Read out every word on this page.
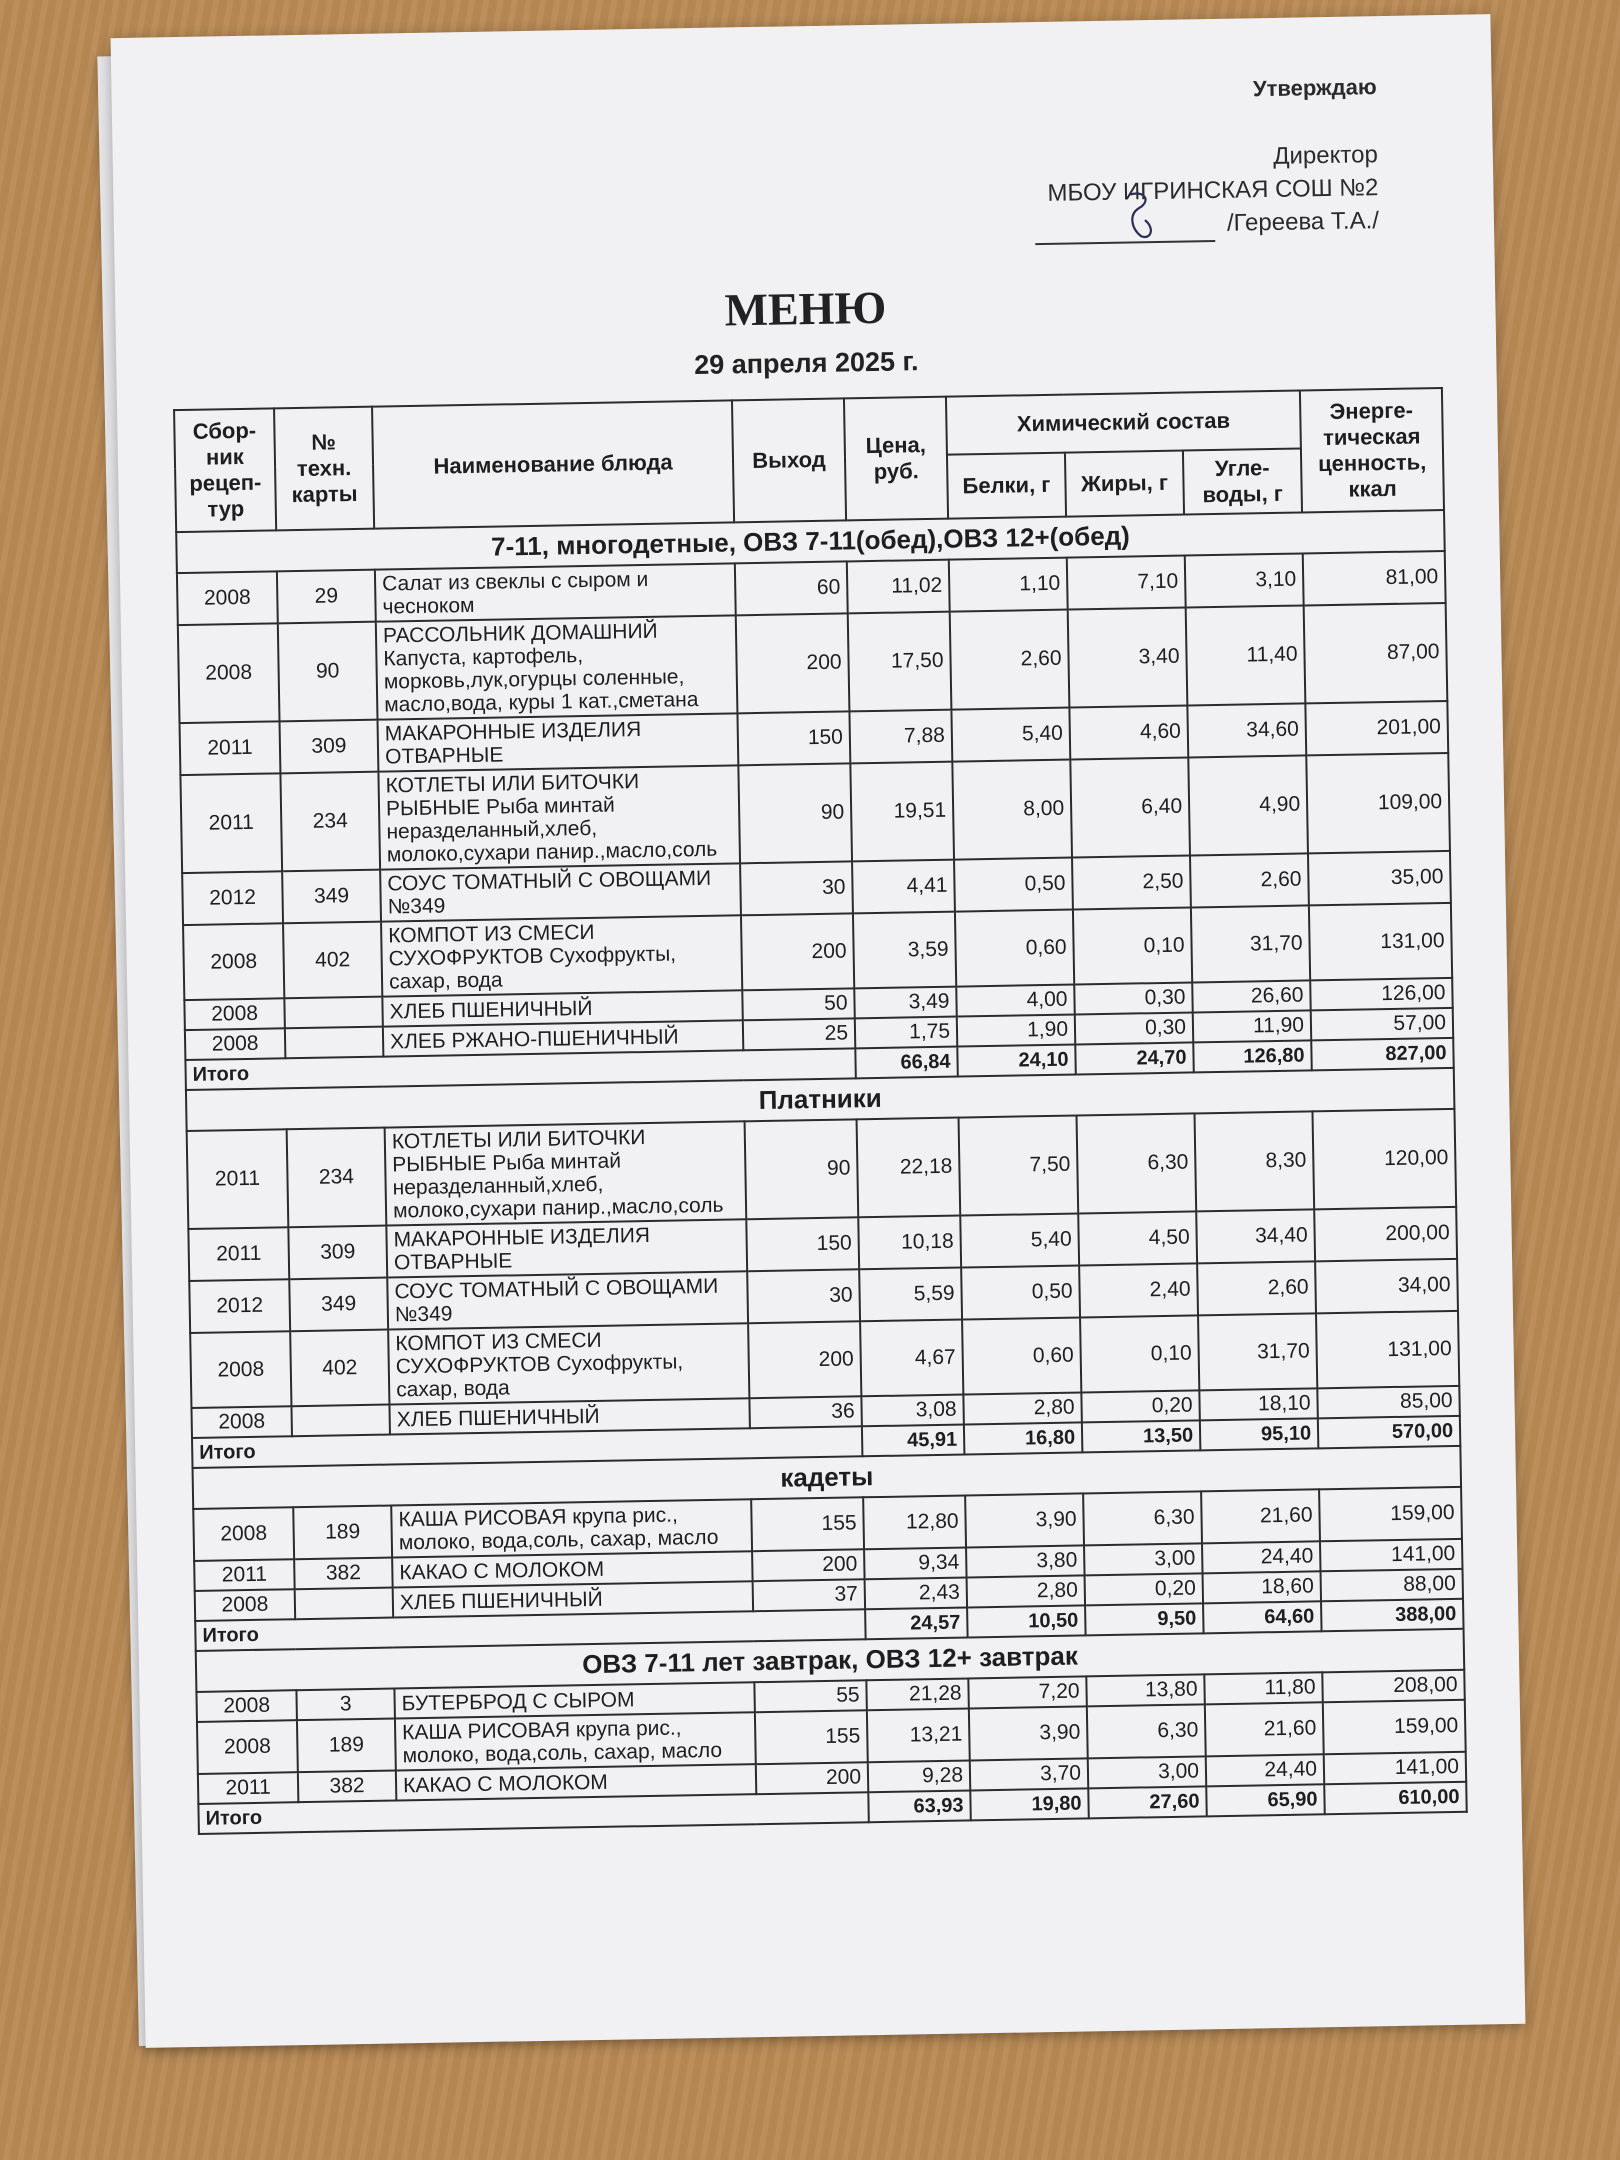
Утверждаю
Директор
МБОУ ИГРИНСКАЯ СОШ №2

/Гереева Т.А./
МЕНЮ
29 апреля 2025 г.
Сбор-ник рецеп-тур	№ техн. карты	Наименование блюда	Выход	Цена, руб.	Химический состав			Энерге-тическая ценность, ккал
					Белки, г	Жиры, г	Угле-воды, г	
7-11, многодетные, ОВЗ 7-11(обед),ОВЗ 12+(обед)								
2008	29	Салат из свеклы с сыром и чесноком	60	11,02	1,10	7,10	3,10	81,00
2008	90	РАССОЛЬНИК ДОМАШНИЙ Капуста, картофель, морковь,лук,огурцы соленные, масло,вода, куры 1 кат.,сметана	200	17,50	2,60	3,40	11,40	87,00
2011	309	МАКАРОННЫЕ ИЗДЕЛИЯ ОТВАРНЫЕ	150	7,88	5,40	4,60	34,60	201,00
2011	234	КОТЛЕТЫ ИЛИ БИТОЧКИ РЫБНЫЕ Рыба минтай неразделанный,хлеб, молоко,сухари панир.,масло,соль	90	19,51	8,00	6,40	4,90	109,00
2012	349	СОУС ТОМАТНЫЙ С ОВОЩАМИ №349	30	4,41	0,50	2,50	2,60	35,00
2008	402	КОМПОТ ИЗ СМЕСИ СУХОФРУКТОВ Сухофрукты, сахар, вода	200	3,59	0,60	0,10	31,70	131,00
2008		ХЛЕБ ПШЕНИЧНЫЙ	50	3,49	4,00	0,30	26,60	126,00
2008		ХЛЕБ РЖАНО-ПШЕНИЧНЫЙ	25	1,75	1,90	0,30	11,90	57,00
Итого				66,84	24,10	24,70	126,80	827,00
Платники								
2011	234	КОТЛЕТЫ ИЛИ БИТОЧКИ РЫБНЫЕ Рыба минтай неразделанный,хлеб, молоко,сухари панир.,масло,соль	90	22,18	7,50	6,30	8,30	120,00
2011	309	МАКАРОННЫЕ ИЗДЕЛИЯ ОТВАРНЫЕ	150	10,18	5,40	4,50	34,40	200,00
2012	349	СОУС ТОМАТНЫЙ С ОВОЩАМИ №349	30	5,59	0,50	2,40	2,60	34,00
2008	402	КОМПОТ ИЗ СМЕСИ СУХОФРУКТОВ Сухофрукты, сахар, вода	200	4,67	0,60	0,10	31,70	131,00
2008		ХЛЕБ ПШЕНИЧНЫЙ	36	3,08	2,80	0,20	18,10	85,00
Итого				45,91	16,80	13,50	95,10	570,00
кадеты								
2008	189	КАША РИСОВАЯ крупа рис., молоко, вода,соль, сахар, масло	155	12,80	3,90	6,30	21,60	159,00
2011	382	КАКАО С МОЛОКОМ	200	9,34	3,80	3,00	24,40	141,00
2008		ХЛЕБ ПШЕНИЧНЫЙ	37	2,43	2,80	0,20	18,60	88,00
Итого				24,57	10,50	9,50	64,60	388,00
ОВЗ 7-11 лет завтрак, ОВЗ 12+ завтрак								
2008	3	БУТЕРБРОД С СЫРОМ	55	21,28	7,20	13,80	11,80	208,00
2008	189	КАША РИСОВАЯ крупа рис., молоко, вода,соль, сахар, масло	155	13,21	3,90	6,30	21,60	159,00
2011	382	КАКАО С МОЛОКОМ	200	9,28	3,70	3,00	24,40	141,00
Итого				63,93	19,80	27,60	65,90	610,00
